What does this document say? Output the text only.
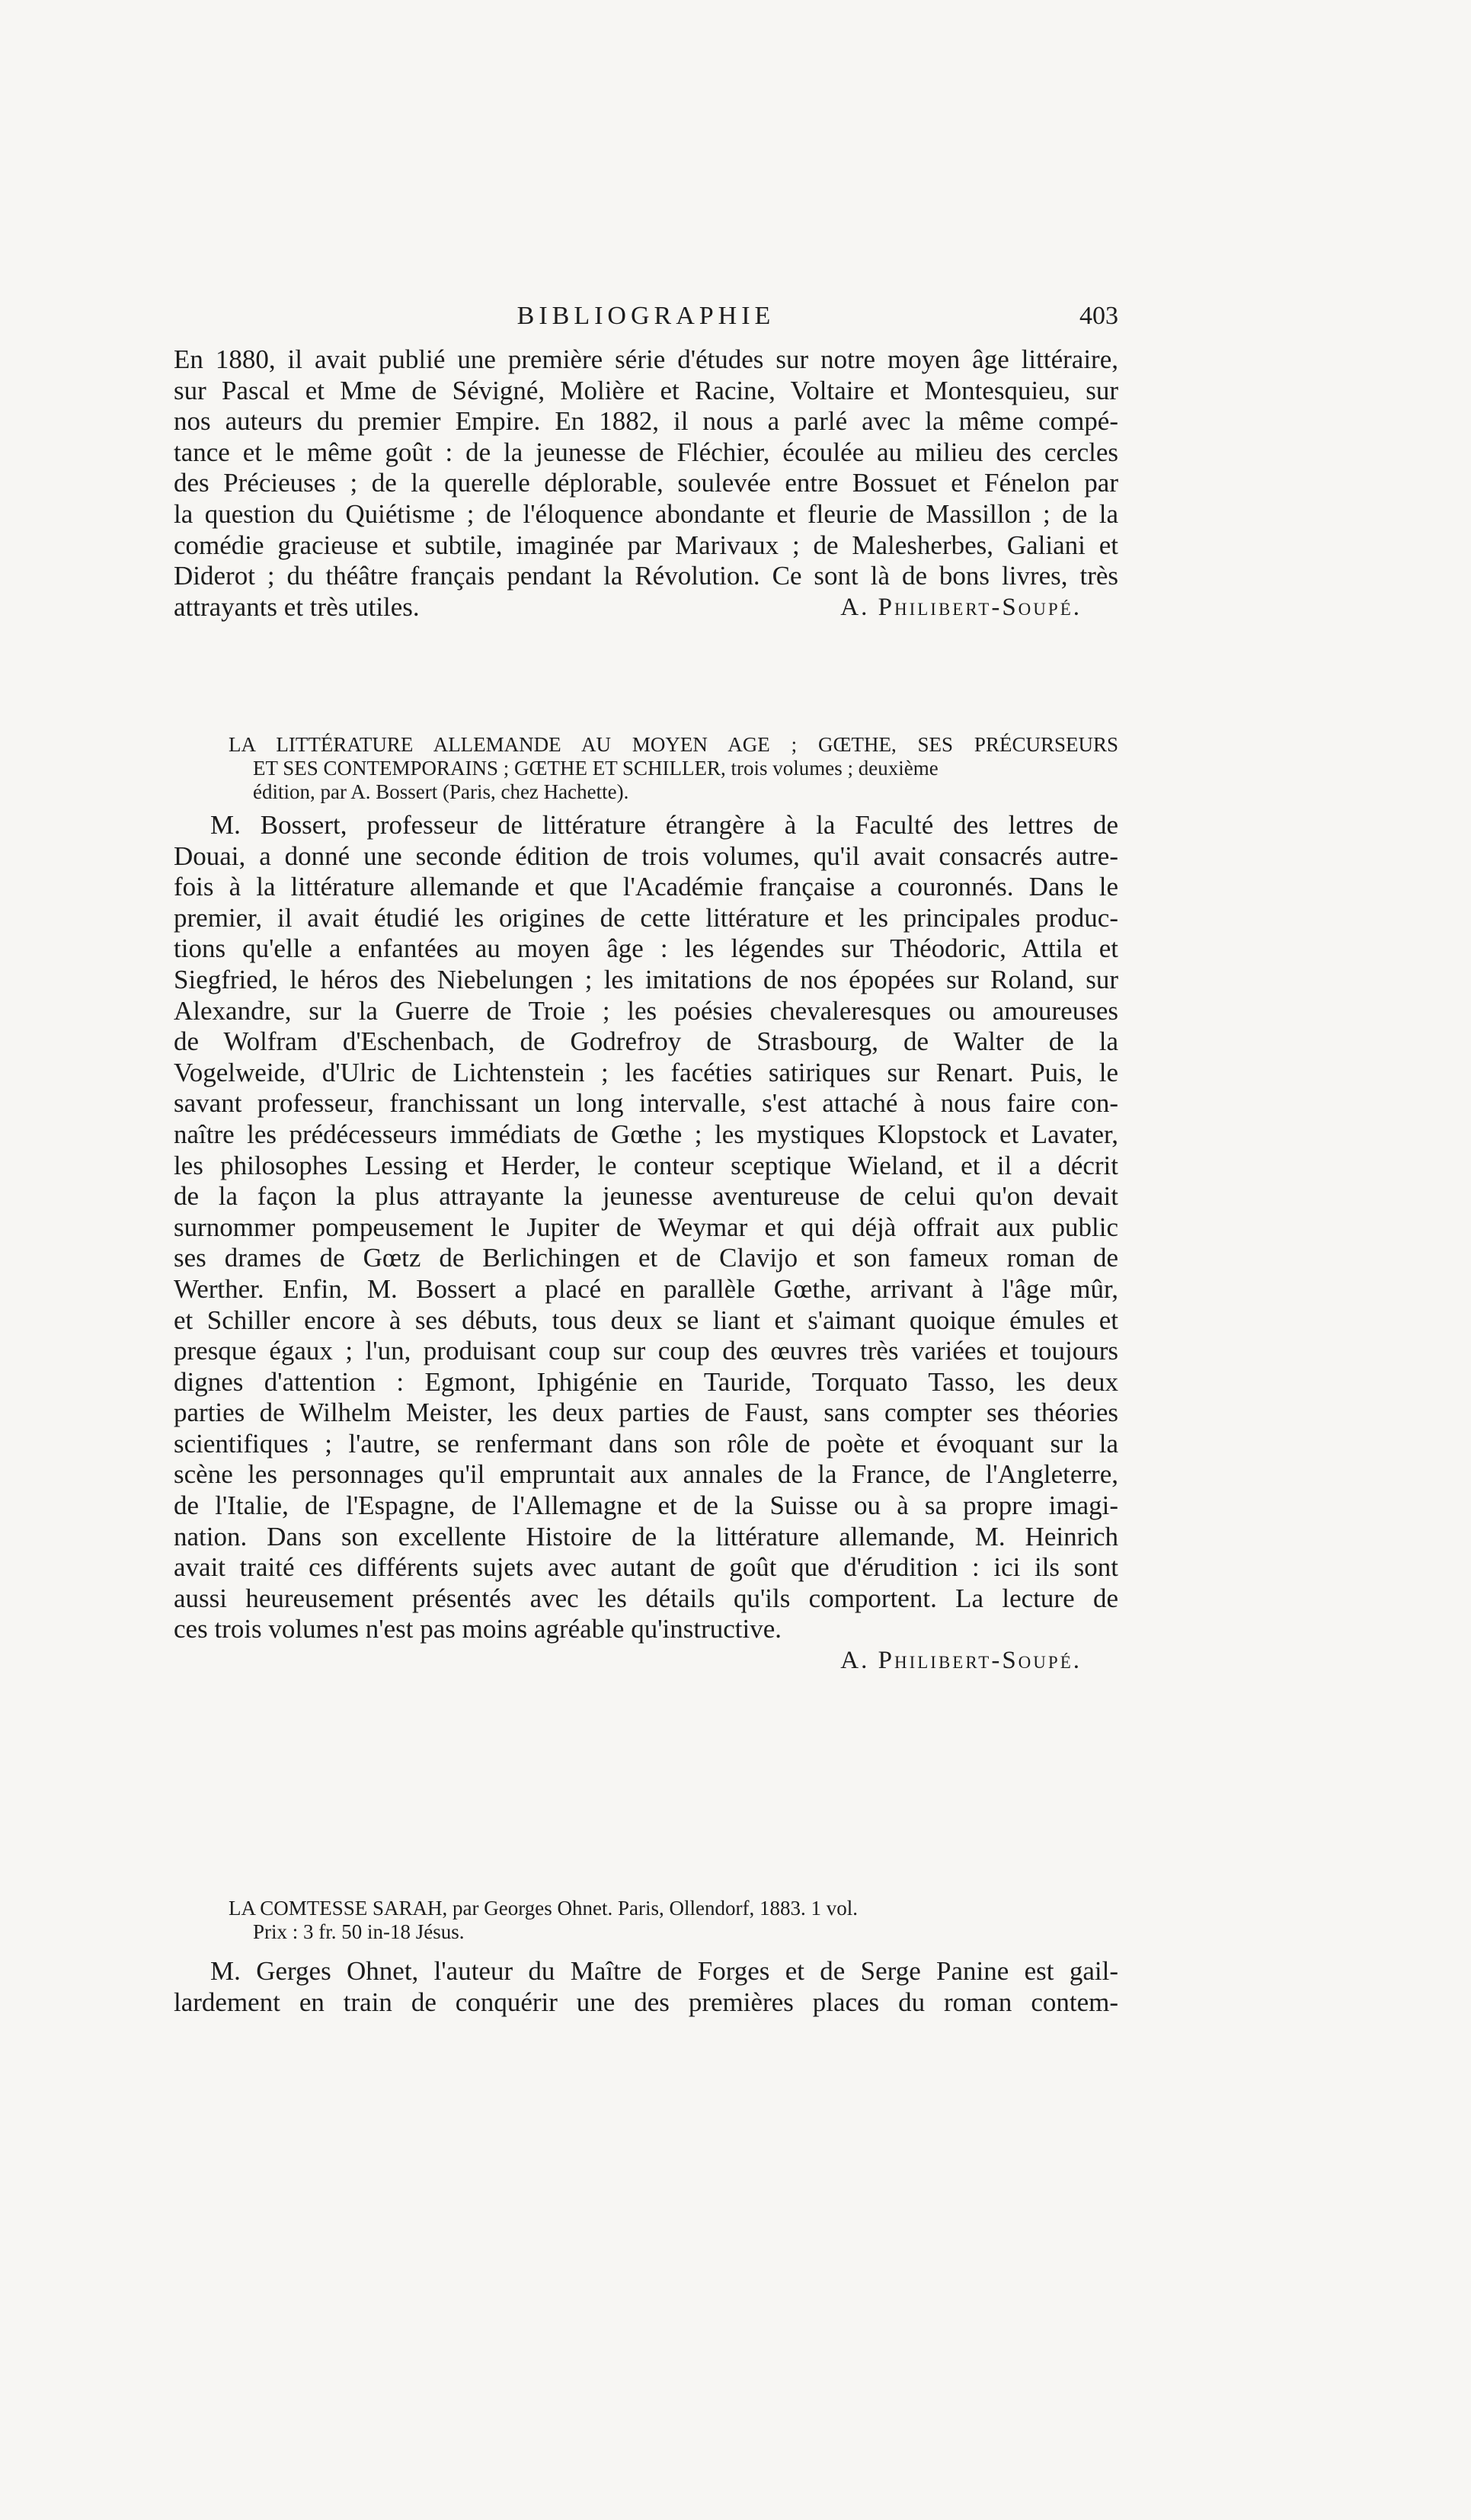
BIBLIOGRAPHIE	403

En 1880, il avait publié une première série d'études sur notre moyen âge littéraire,
sur Pascal et Mme de Sévigné, Molière et Racine, Voltaire et Montesquieu, sur
nos auteurs du premier Empire. En 1882, il nous a parlé avec la même compé-
tance et le même goût : de la jeunesse de Fléchier, écoulée au milieu des cercles
des Précieuses ; de la querelle déplorable, soulevée entre Bossuet et Fénelon par
la question du Quiétisme ; de l'éloquence abondante et fleurie de Massillon ; de la
comédie gracieuse et subtile, imaginée par Marivaux ; de Malesherbes, Galiani et
Diderot ; du théâtre français pendant la Révolution. Ce sont là de bons livres, très
attrayants et très utiles.	A. Philibert-Soupé.

LA LITTÉRATURE ALLEMANDE AU MOYEN AGE ; GŒTHE, SES PRÉCURSEURS
ET SES CONTEMPORAINS ; GŒTHE ET SCHILLER, trois volumes ; deuxième
édition, par A. Bossert (Paris, chez Hachette).

M. Bossert, professeur de littérature étrangère à la Faculté des lettres de
Douai, a donné une seconde édition de trois volumes, qu'il avait consacrés autre-
fois à la littérature allemande et que l'Académie française a couronnés. Dans le
premier, il avait étudié les origines de cette littérature et les principales produc-
tions qu'elle a enfantées au moyen âge : les légendes sur Théodoric, Attila et
Siegfried, le héros des Niebelungen ; les imitations de nos épopées sur Roland, sur
Alexandre, sur la Guerre de Troie ; les poésies chevaleresques ou amoureuses
de Wolfram d'Eschenbach, de Godrefroy de Strasbourg, de Walter de la
Vogelweide, d'Ulric de Lichtenstein ; les facéties satiriques sur Renart. Puis, le
savant professeur, franchissant un long intervalle, s'est attaché à nous faire con-
naître les prédécesseurs immédiats de Gœthe ; les mystiques Klopstock et Lavater,
les philosophes Lessing et Herder, le conteur sceptique Wieland, et il a décrit
de la façon la plus attrayante la jeunesse aventureuse de celui qu'on devait
surnommer pompeusement le Jupiter de Weymar et qui déjà offrait aux public
ses drames de Gœtz de Berlichingen et de Clavijo et son fameux roman de
Werther. Enfin, M. Bossert a placé en parallèle Gœthe, arrivant à l'âge mûr,
et Schiller encore à ses débuts, tous deux se liant et s'aimant quoique émules et
presque égaux ; l'un, produisant coup sur coup des œuvres très variées et toujours
dignes d'attention : Egmont, Iphigénie en Tauride, Torquato Tasso, les deux
parties de Wilhelm Meister, les deux parties de Faust, sans compter ses théories
scientifiques ; l'autre, se renfermant dans son rôle de poète et évoquant sur la
scène les personnages qu'il empruntait aux annales de la France, de l'Angleterre,
de l'Italie, de l'Espagne, de l'Allemagne et de la Suisse ou à sa propre imagi-
nation. Dans son excellente Histoire de la littérature allemande, M. Heinrich
avait traité ces différents sujets avec autant de goût que d'érudition : ici ils sont
aussi heureusement présentés avec les détails qu'ils comportent. La lecture de
ces trois volumes n'est pas moins agréable qu'instructive.

A. Philibert-Soupé.

LA COMTESSE SARAH, par Georges Ohnet. Paris, Ollendorf, 1883. 1 vol.
Prix : 3 fr. 50 in-18 Jésus.

M. Gerges Ohnet, l'auteur du Maître de Forges et de Serge Panine est gail-
lardement en train de conquérir une des premières places du roman contem-
